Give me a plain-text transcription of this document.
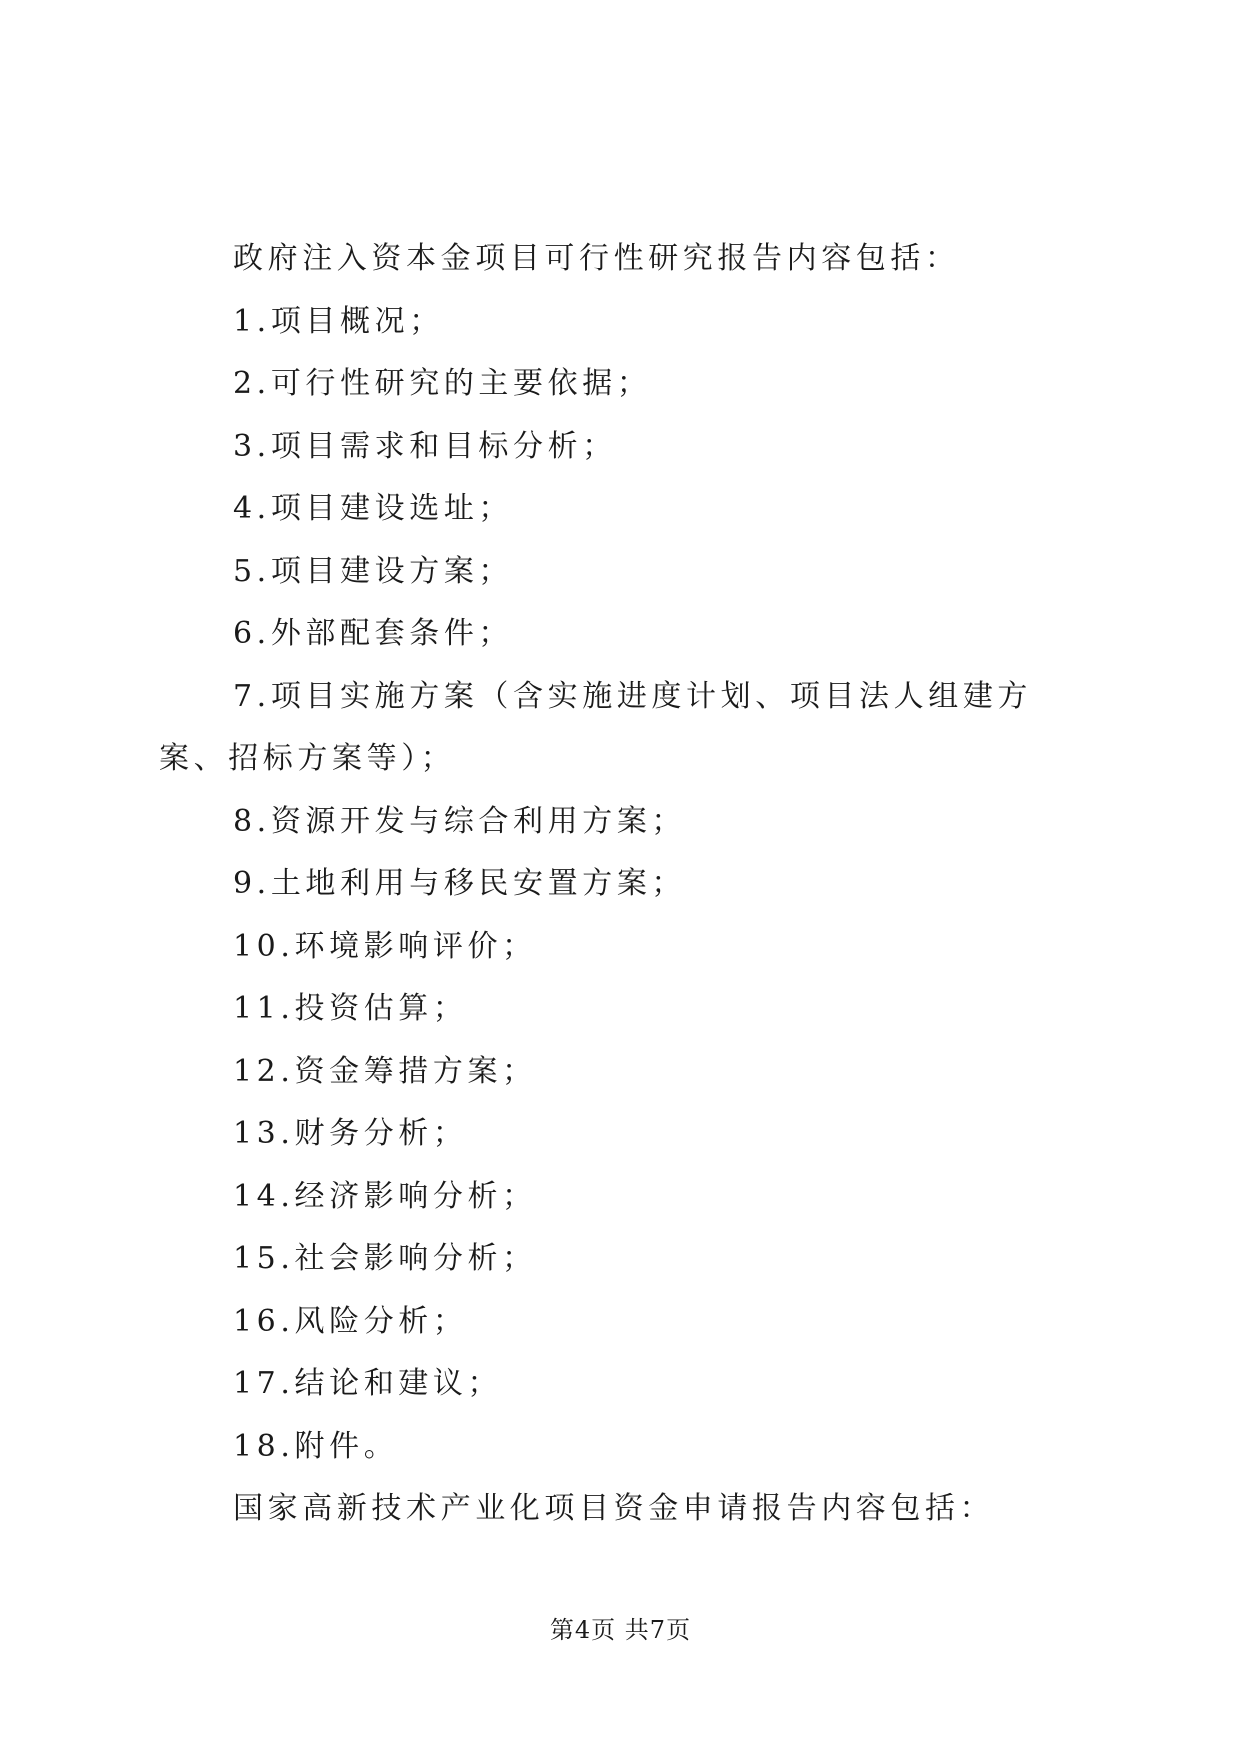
政府注入资本金项目可行性研究报告内容包括：

1.项目概况；

2.可行性研究的主要依据；

3.项目需求和目标分析；

4.项目建设选址；

5.项目建设方案；

6.外部配套条件；

7.项目实施方案（含实施进度计划、项目法人组建方案、招标方案等）；

8.资源开发与综合利用方案；

9.土地利用与移民安置方案；

10.环境影响评价；

11.投资估算；

12.资金筹措方案；

13.财务分析；

14.经济影响分析；

15.社会影响分析；

16.风险分析；

17.结论和建议；

18.附件。

国家高新技术产业化项目资金申请报告内容包括：

第4页 共7页
